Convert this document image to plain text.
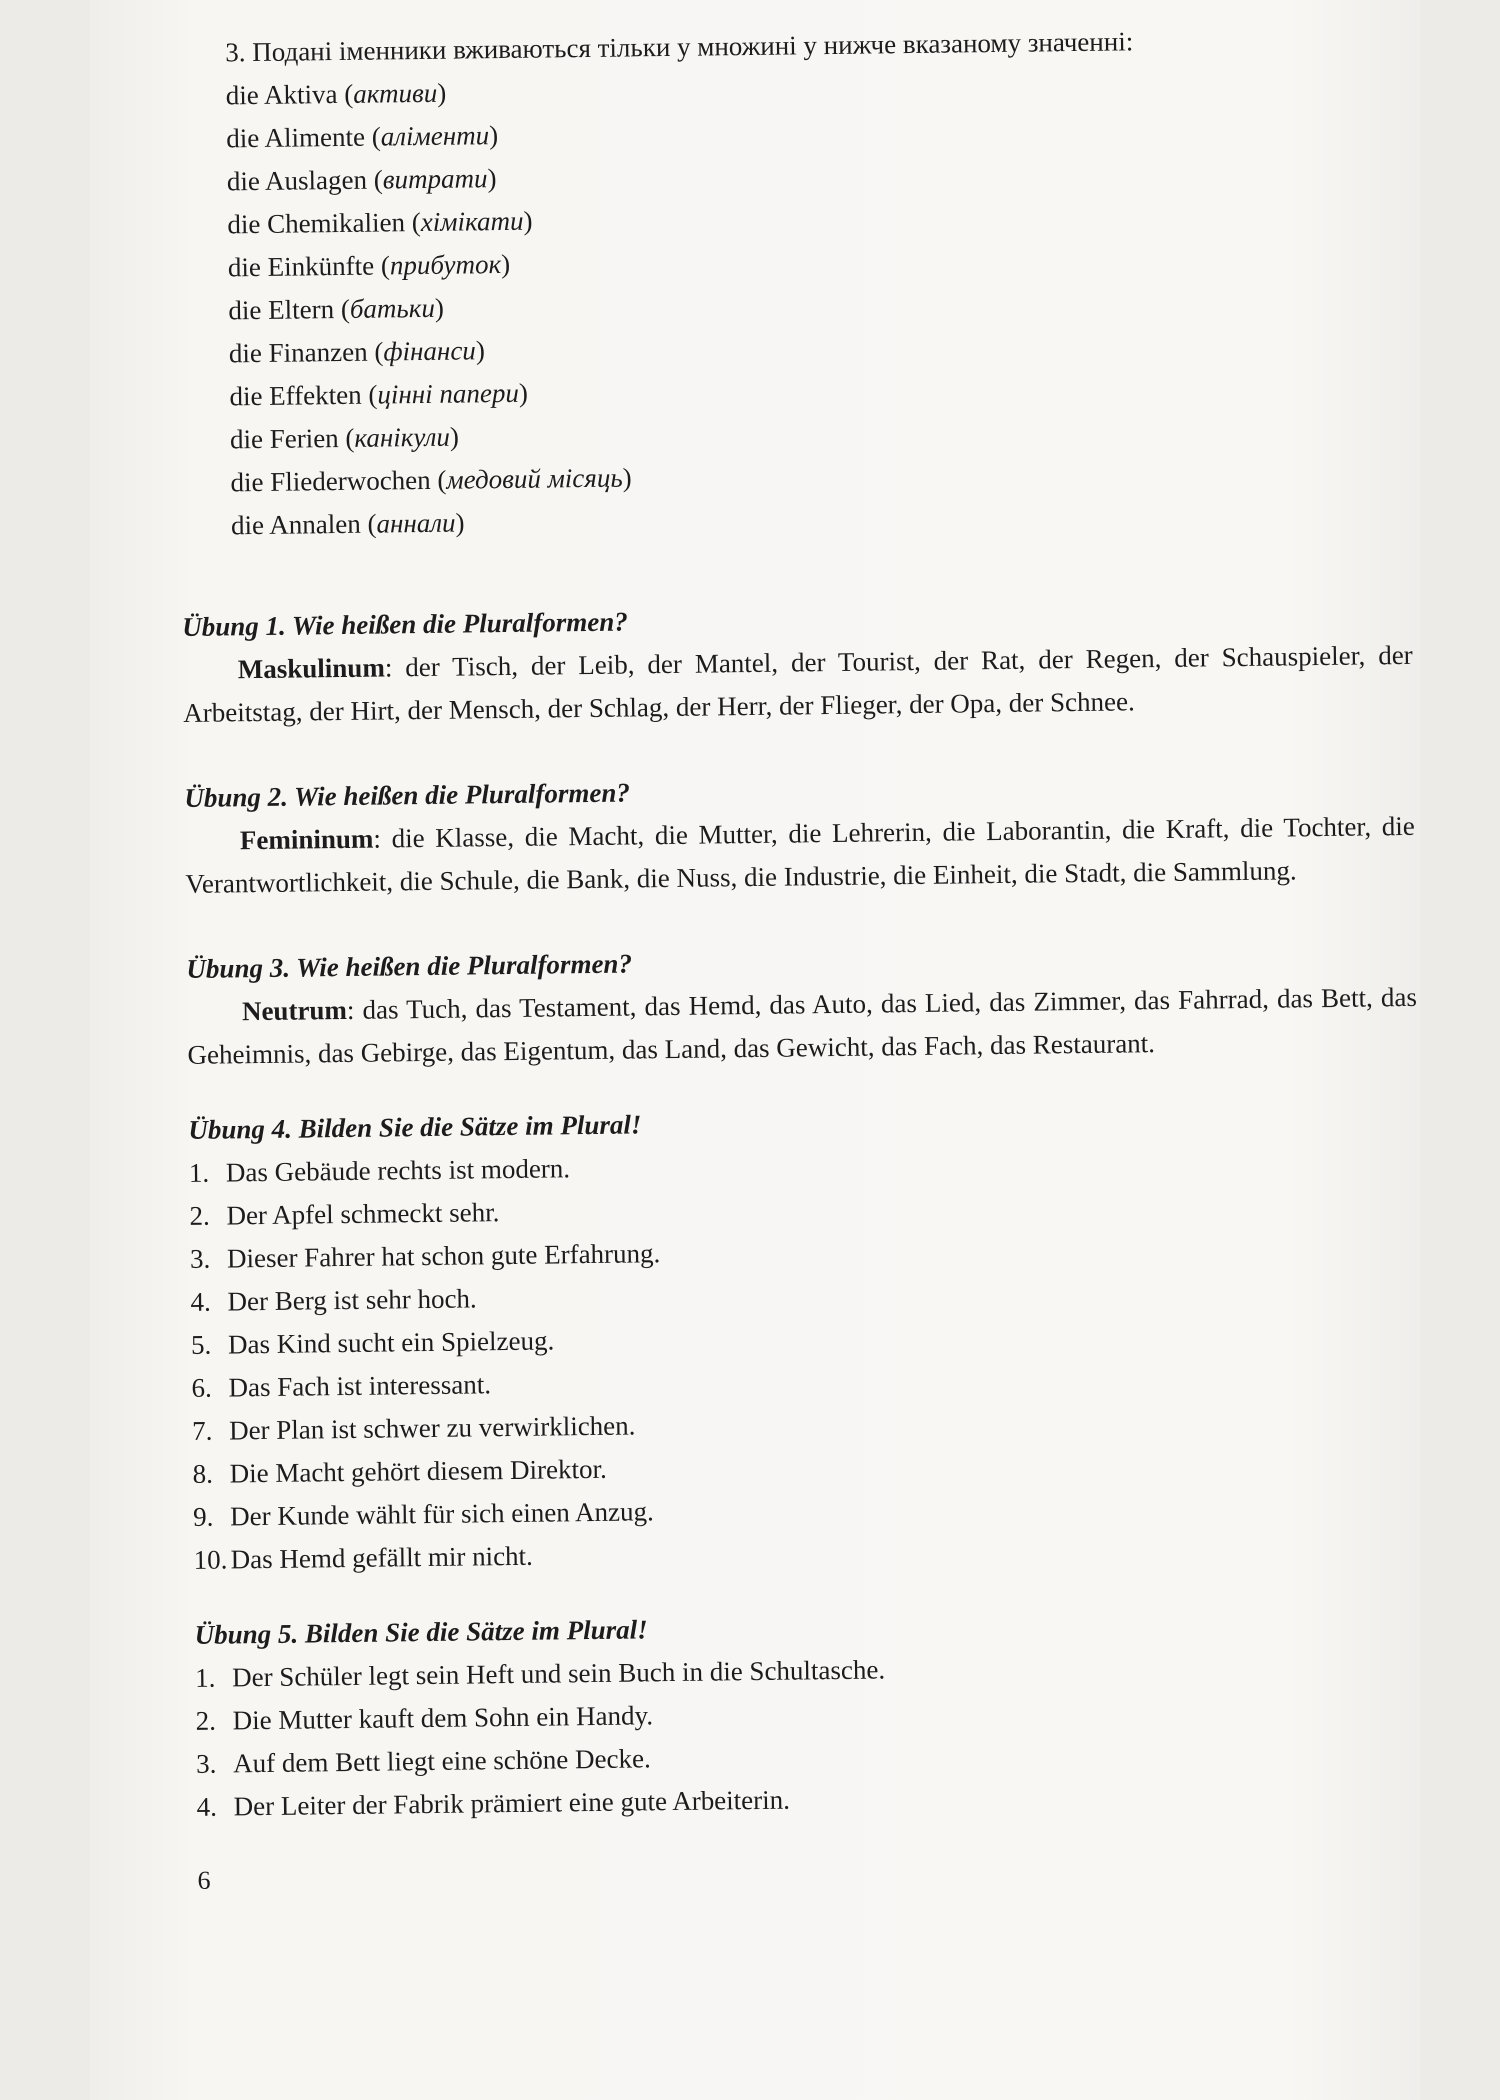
3. Подані іменники вживаються тільки у множині у нижче вказаному значенні:
die Aktiva (активи)
die Alimente (аліменти)
die Auslagen (витрати)
die Chemikalien (хімікати)
die Einkünfte (прибуток)
die Eltern (батьки)
die Finanzen (фінанси)
die Effekten (цінні папери)
die Ferien (канікули)
die Fliederwochen (медовий місяць)
die Annalen (аннали)
Übung 1. Wie heißen die Pluralformen?
Maskulinum: der Tisch, der Leib, der Mantel, der Tourist, der Rat, der Regen, der Schauspieler, der Arbeitstag, der Hirt, der Mensch, der Schlag, der Herr, der Flieger, der Opa, der Schnee.
Übung 2. Wie heißen die Pluralformen?
Femininum: die Klasse, die Macht, die Mutter, die Lehrerin, die Laborantin, die Kraft, die Tochter, die Verantwortlichkeit, die Schule, die Bank, die Nuss, die Industrie, die Einheit, die Stadt, die Sammlung.
Übung 3. Wie heißen die Pluralformen?
Neutrum: das Tuch, das Testament, das Hemd, das Auto, das Lied, das Zimmer, das Fahrrad, das Bett, das Geheimnis, das Gebirge, das Eigentum, das Land, das Gewicht, das Fach, das Restaurant.
Übung 4. Bilden Sie die Sätze im Plural!
1. Das Gebäude rechts ist modern.
2. Der Apfel schmeckt sehr.
3. Dieser Fahrer hat schon gute Erfahrung.
4. Der Berg ist sehr hoch.
5. Das Kind sucht ein Spielzeug.
6. Das Fach ist interessant.
7. Der Plan ist schwer zu verwirklichen.
8. Die Macht gehört diesem Direktor.
9. Der Kunde wählt für sich einen Anzug.
10. Das Hemd gefällt mir nicht.
Übung 5. Bilden Sie die Sätze im Plural!
1. Der Schüler legt sein Heft und sein Buch in die Schultasche.
2. Die Mutter kauft dem Sohn ein Handy.
3. Auf dem Bett liegt eine schöne Decke.
4. Der Leiter der Fabrik prämiert eine gute Arbeiterin.
6
